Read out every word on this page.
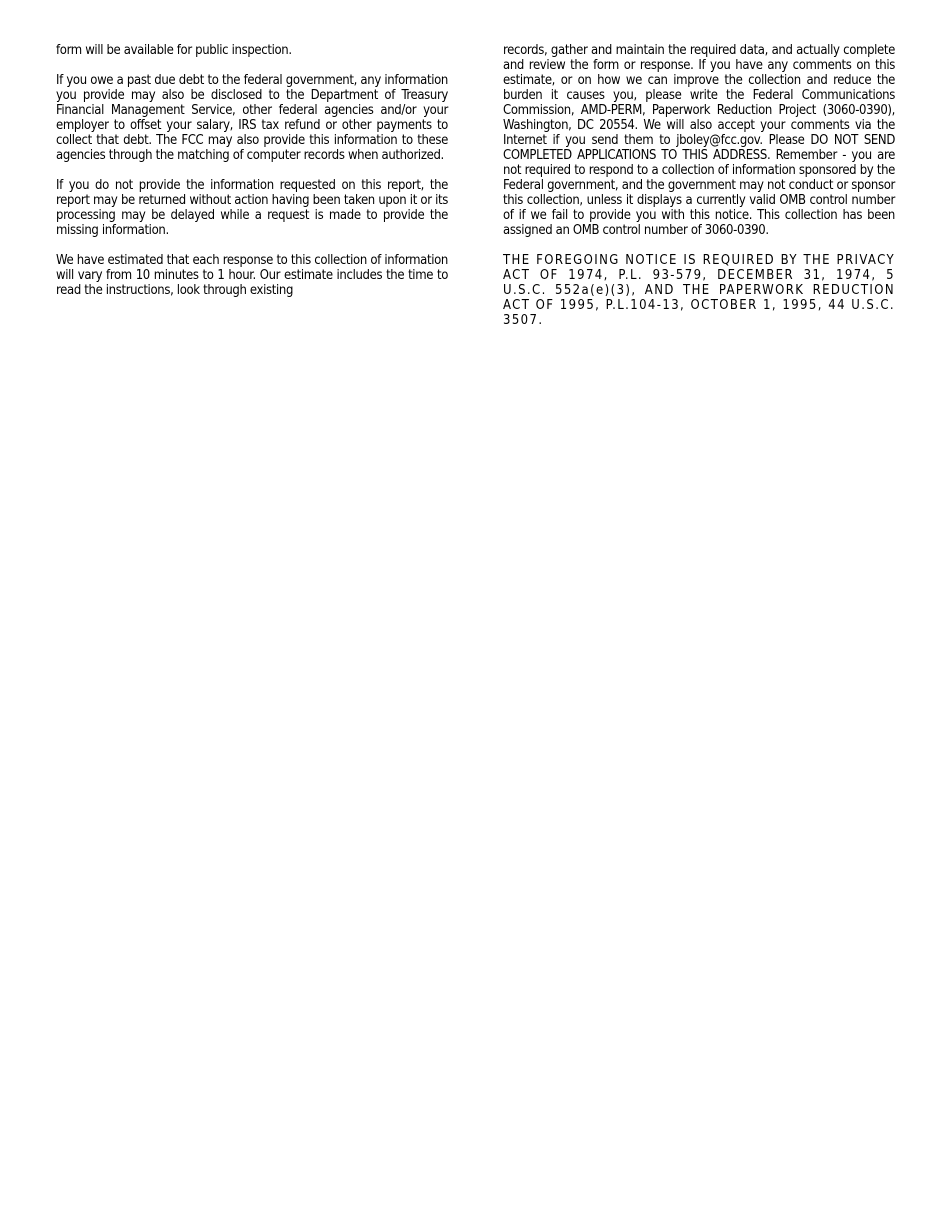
form will be available for public inspection.

If you owe a past due debt to the federal government, any information you provide may also be disclosed to the Department of Treasury Financial Management Service, other federal agencies and/or your employer to offset your salary, IRS tax refund or other payments to collect that debt. The FCC may also provide this information to these agencies through the matching of computer records when authorized.

If you do not provide the information requested on this report, the report may be returned without action having been taken upon it or its processing may be delayed while a request is made to provide the missing information.

We have estimated that each response to this collection of information will vary from 10 minutes to 1 hour. Our estimate includes the time to read the instructions, look through existing

records, gather and maintain the required data, and actually complete and review the form or response. If you have any comments on this estimate, or on how we can improve the collection and reduce the burden it causes you, please write the Federal Communications Commission, AMD-PERM, Paperwork Reduction Project (3060-0390), Washington, DC 20554. We will also accept your comments via the Internet if you send them to jboley@fcc.gov. Please DO NOT SEND COMPLETED APPLICATIONS TO THIS ADDRESS. Remember - you are not required to respond to a collection of information sponsored by the Federal government, and the government may not conduct or sponsor this collection, unless it displays a currently valid OMB control number of if we fail to provide you with this notice. This collection has been assigned an OMB control number of 3060-0390.

THE FOREGOING NOTICE IS REQUIRED BY THE PRIVACY ACT OF 1974, P.L. 93-579, DECEMBER 31, 1974, 5 U.S.C. 552a(e)(3), AND THE PAPERWORK REDUCTION ACT OF 1995, P.L.104-13, OCTOBER 1, 1995, 44 U.S.C. 3507.
